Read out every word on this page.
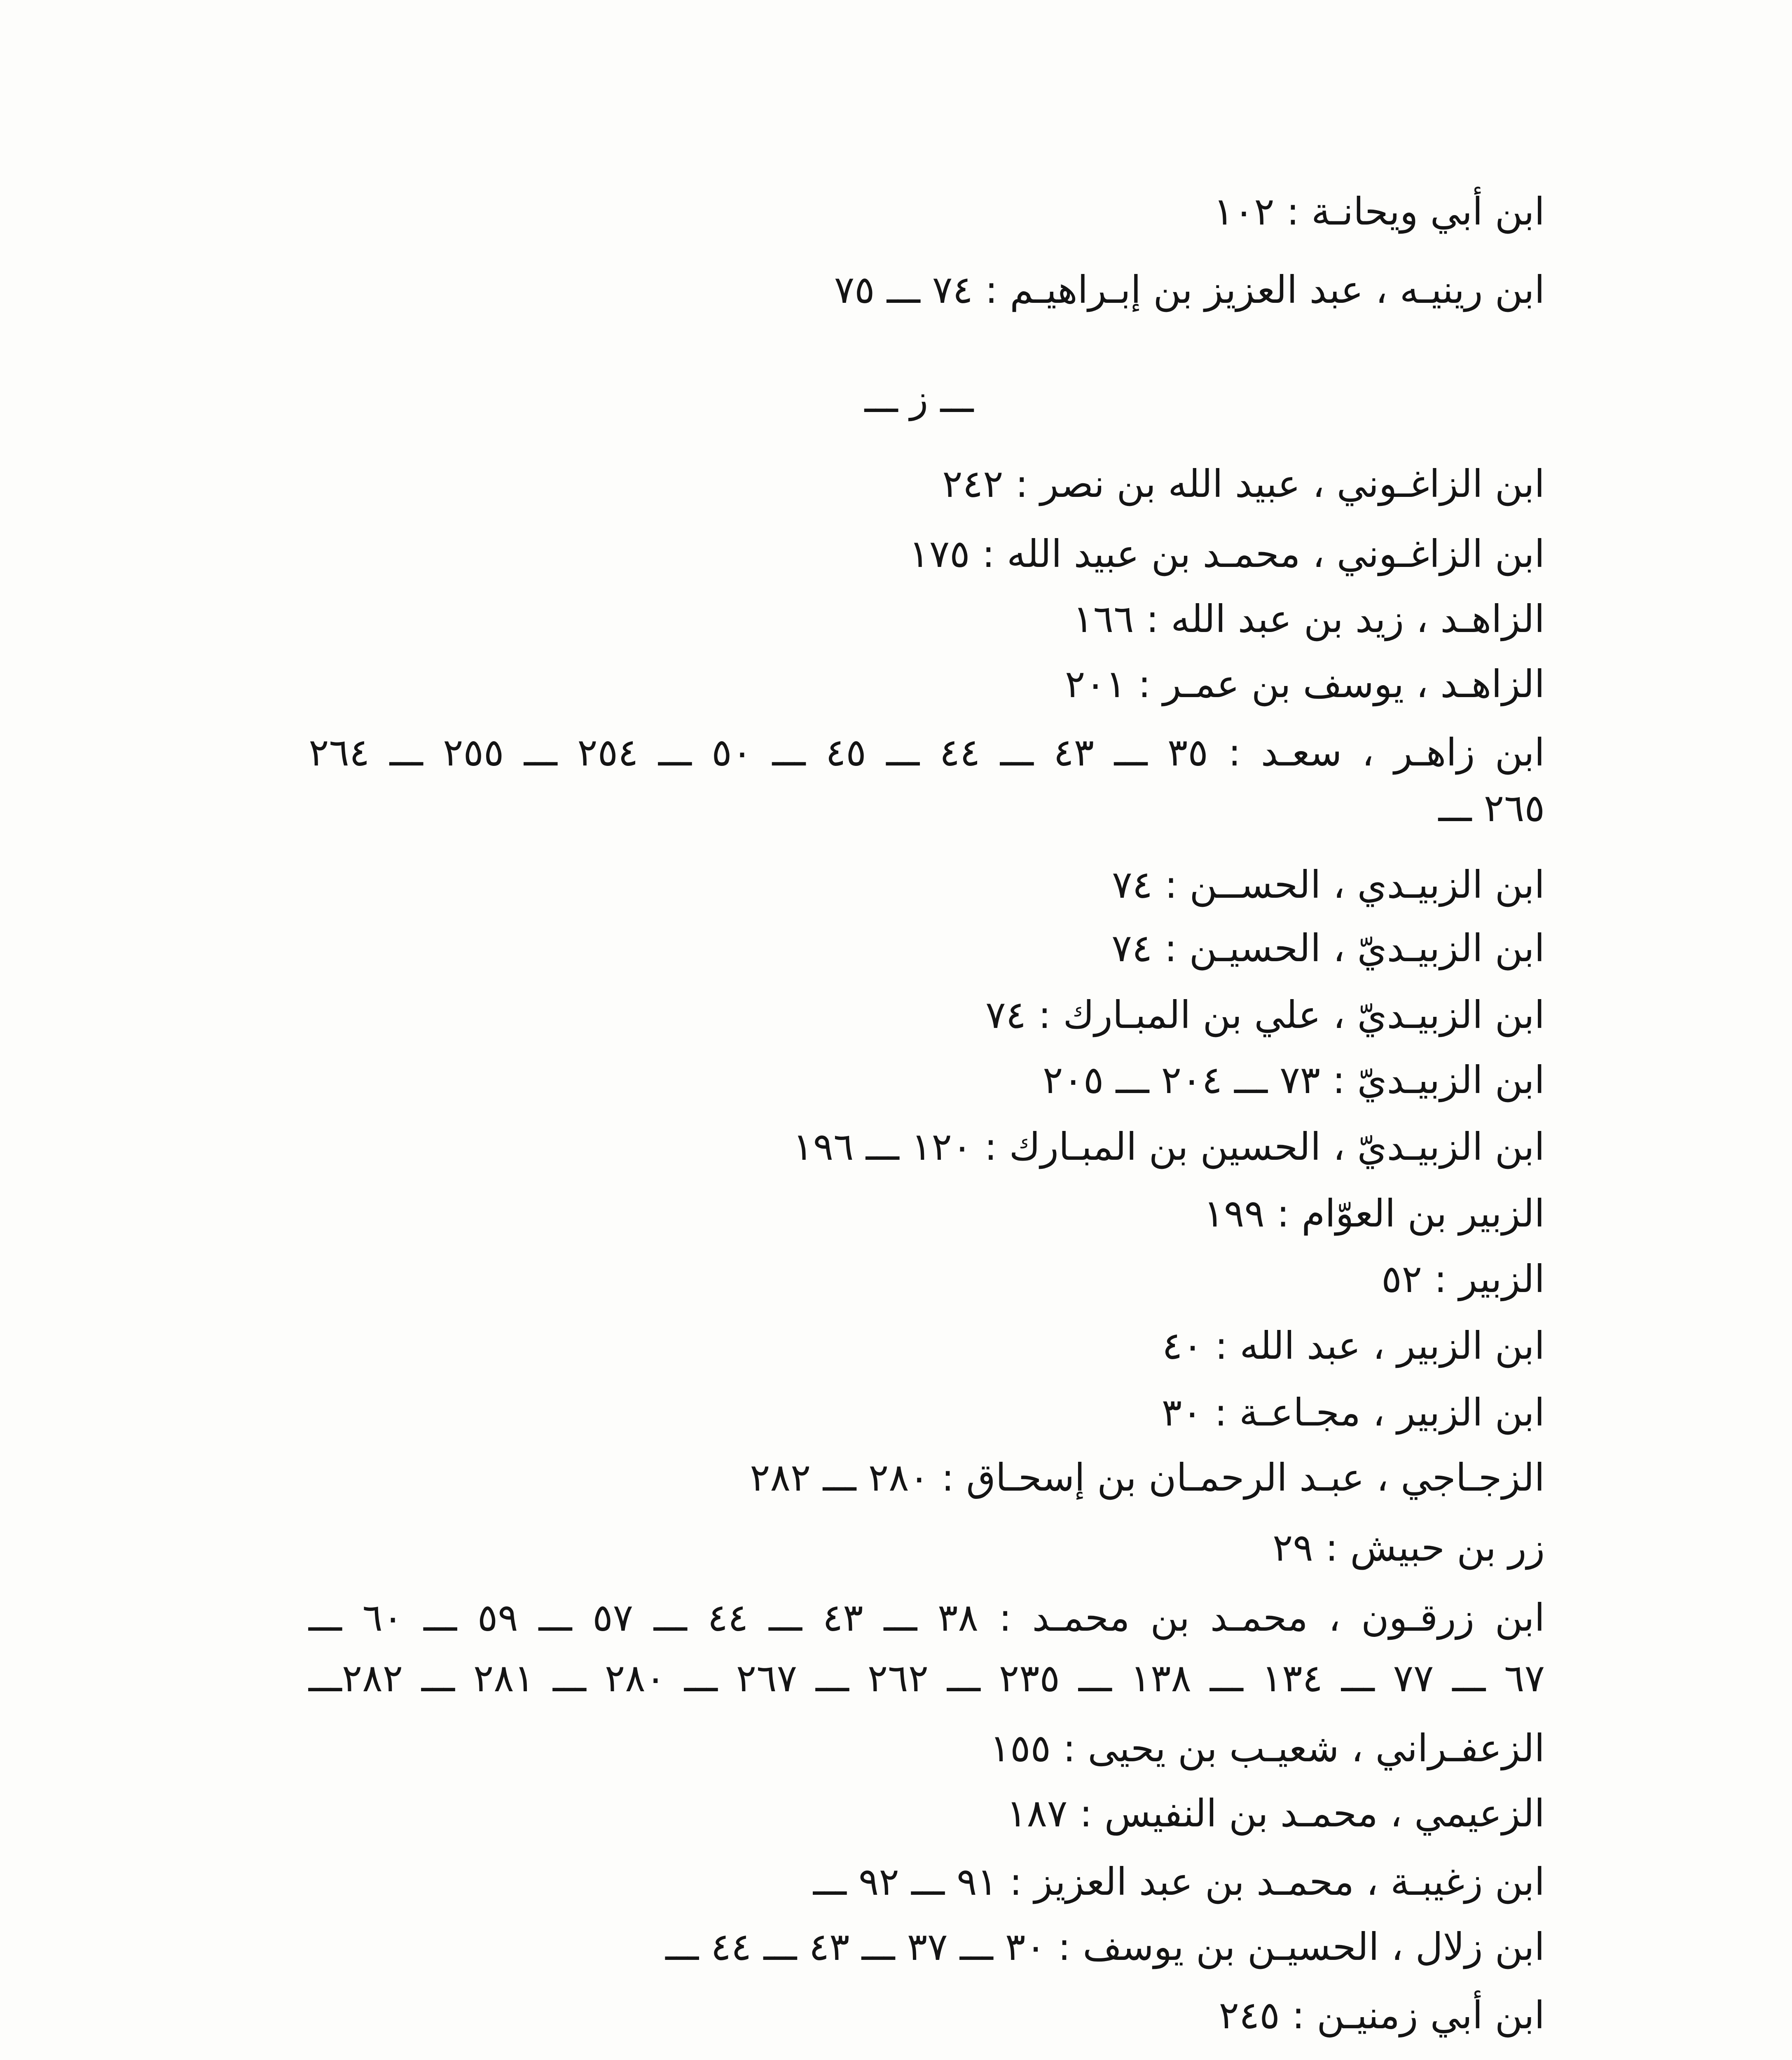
ابن أبي ويحانـة : ١٠٢
ابن رينيـه ، عبد العزيز بن إبـراهيـم : ٧٤ ـــ ٧٥
ـــ ز ـــ
ابن الزاغـوني ، عبيد الله بن نصر : ٢٤٢
ابن الزاغـوني ، محمـد بن عبيد الله : ١٧٥
الزاهـد ، زيد بن عبد الله : ١٦٦
الزاهـد ، يوسف بن عمـر : ٢٠١
ابن زاهـر ، سعـد : ٣٥ ـــ ٤٣ ـــ ٤٤ ـــ ٤٥ ـــ ٥٠ ـــ ٢٥٤ ـــ ٢٥٥ ـــ ٢٦٤
٢٦٥ ـــ
ابن الزبيـدي ، الحســن : ٧٤
ابن الزبيـديّ ، الحسيـن : ٧٤
ابن الزبيـديّ ، علي بن المبـارك : ٧٤
ابن الزبيـديّ : ٧٣ ـــ ٢٠٤ ـــ ٢٠٥
ابن الزبيـديّ ، الحسين بن المبـارك : ١٢٠ ـــ ١٩٦
الزبير بن العوّام : ١٩٩
الزبير : ٥٢
ابن الزبير ، عبد الله : ٤٠
ابن الزبير ، مجـاعـة : ٣٠
الزجـاجي ، عبـد الرحمـان بن إسحـاق : ٢٨٠ ـــ ٢٨٢
زر بن حبيش : ٢٩
ابن زرقـون ، محمـد بن محمـد : ٣٨ ـــ ٤٣ ـــ ٤٤ ـــ ٥٧ ـــ ٥٩ ـــ ٦٠ ـــ
٦٧ ـــ ٧٧ ـــ ١٣٤ ـــ ١٣٨ ـــ ٢٣٥ ـــ ٢٦٢ ـــ ٢٦٧ ـــ ٢٨٠ ـــ ٢٨١ ـــ ٢٨٢ـــ
الزعفـراني ، شعيـب بن يحيى : ١٥٥
الزعيمي ، محمـد بن النفيس : ١٨٧
ابن زغيبـة ، محمـد بن عبد العزيز : ٩١ ـــ ٩٢ ـــ
ابن زلال ، الحسيـن بن يوسف : ٣٠ ـــ ٣٧ ـــ ٤٣ ـــ ٤٤ ـــ
ابن أبي زمنيـن : ٢٤٥
